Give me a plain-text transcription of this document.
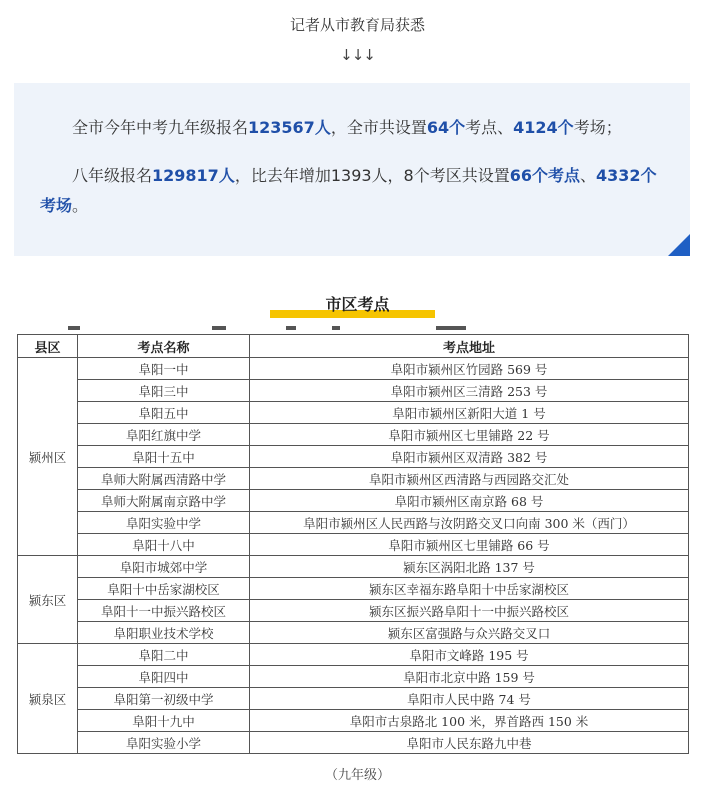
记者从市教育局获悉
↓↓↓

全市今年中考九年级报名123567人，全市共设置64个考点、4124个考场；

八年级报名129817人，比去年增加1393人，8个考区共设置66个考点、4332个考场。

市区考点
县区	考点名称	考点地址
颍州区	阜阳一中	阜阳市颍州区竹园路 569 号
	阜阳三中	阜阳市颍州区三清路 253 号
	阜阳五中	阜阳市颍州区新阳大道 1 号
	阜阳红旗中学	阜阳市颍州区七里铺路 22 号
	阜阳十五中	阜阳市颍州区双清路 382 号
	阜师大附属西清路中学	阜阳市颍州区西清路与西园路交汇处
	阜师大附属南京路中学	阜阳市颍州区南京路 68 号
	阜阳实验中学	阜阳市颍州区人民西路与汝阴路交叉口向南 300 米（西门）
	阜阳十八中	阜阳市颍州区七里铺路 66 号
颍东区	阜阳市城郊中学	颍东区涡阳北路 137 号
	阜阳十中岳家湖校区	颍东区幸福东路阜阳十中岳家湖校区
	阜阳十一中振兴路校区	颍东区振兴路阜阳十一中振兴路校区
	阜阳职业技术学校	颍东区富强路与众兴路交叉口
颍泉区	阜阳二中	阜阳市文峰路 195 号
	阜阳四中	阜阳市北京中路 159 号
	阜阳第一初级中学	阜阳市人民中路 74 号
	阜阳十九中	阜阳市古泉路北 100 米，界首路西 150 米
	阜阳实验小学	阜阳市人民东路九中巷
（九年级）
